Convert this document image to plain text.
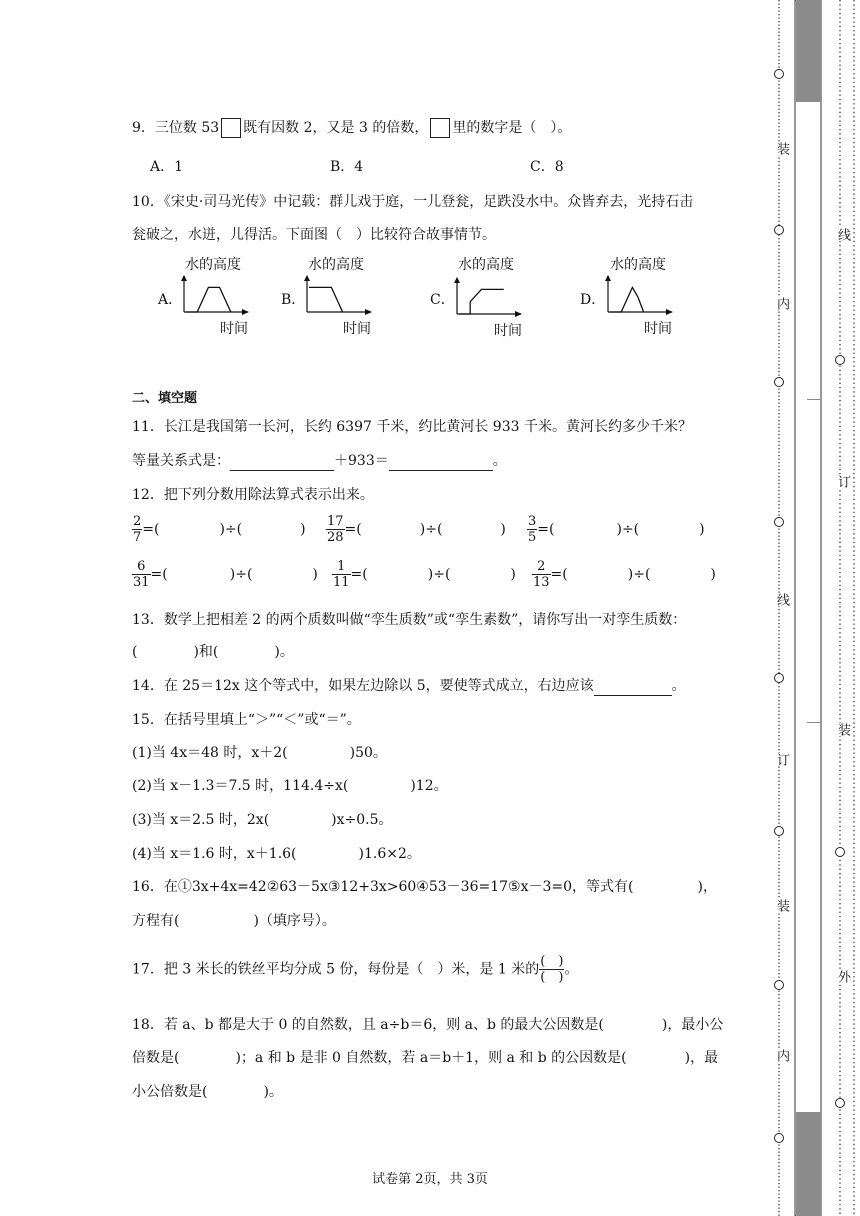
9．三位数 53 既有因数 2，又是 3 的倍数， 里的数字是（　）。
A．1	B．4	C．8
10．《宋史·司马光传》中记载：群儿戏于庭，一儿登瓮，足跌没水中。众皆弃去，光持石击
瓮破之，水迸，儿得活。下面图（　）比较符合故事情节。
A．	B．	C．	D．
水的高度	水的高度	水的高度	水的高度
时间	时间	时间	时间
二、填空题
11．长江是我国第一长河，长约 6397 千米，约比黄河长 933 千米。黄河长约多少千米？
等量关系式是：	＋933＝	。
12．把下列分数用除法算式表示出来。
$\frac{2}{7}$ =(	)÷(	) $\frac{17}{28}$ =(	)÷(	) $\frac{3}{5}$ =(	)÷(	)
$\frac{6}{31}$ =(	)÷(	) $\frac{1}{11}$ =(	)÷(	) $\frac{2}{13}$ =(	)÷(	)
13．数学上把相差 2 的两个质数叫做“孪生质数”或“孪生素数”，请你写出一对孪生质数：
(	)和(	)。
14．在 25＝12x 这个等式中，如果左边除以 5，要使等式成立，右边应该	。
15．在括号里填上“＞”“＜”或“＝”。
(1)当 4x＝48 时，x＋2(	)50。
(2)当 x－1.3＝7.5 时，114.4÷x(	)12。
(3)当 x＝2.5 时，2x(	)x÷0.5。
(4)当 x＝1.6 时，x＋1.6(	)1.6×2。
16．在①3x+4x=42②63－5x③12+3x>60④53－36=17⑤x－3=0，等式有(	)，
方程有(	)（填序号）。
17．把 3 米长的铁丝平均分成 5 份，每份是（　）米，是 1 米的 $\frac{( )}{( )}$ 。
18．若 a、b 都是大于 0 的自然数，且 a÷b＝6，则 a、b 的最大公因数是(	)，最小公
倍数是(	)；a 和 b 是非 0 自然数，若 a＝b＋1，则 a 和 b 的公因数是(	)，最
小公倍数是(	)。
试卷第 2页，共 3页
装
内
线
订
装
内
｜
｜
线
订
装
外
